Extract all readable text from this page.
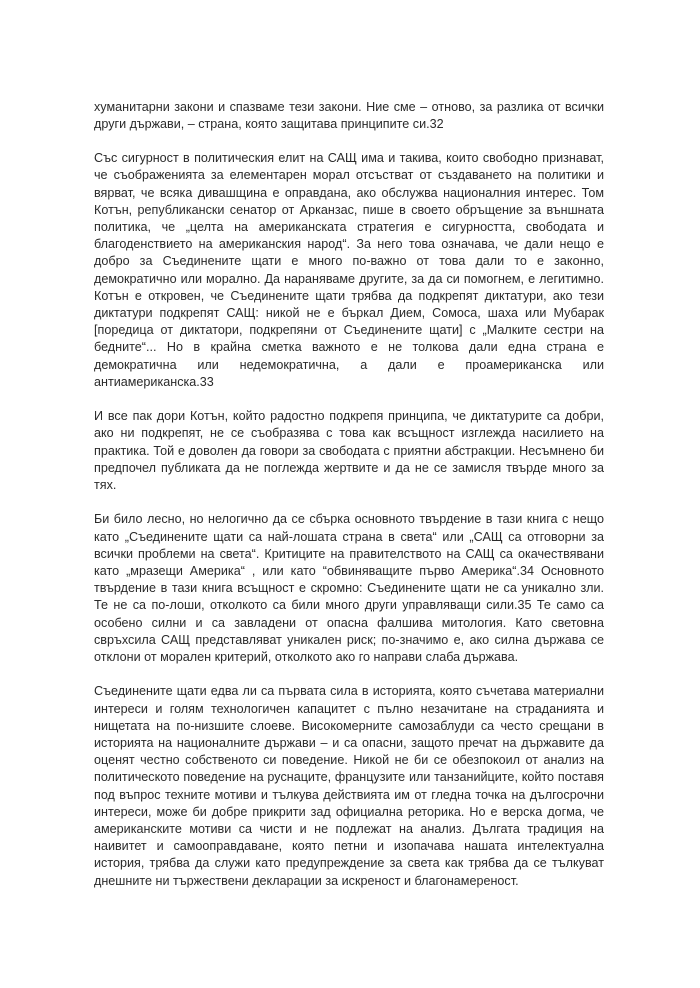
хуманитарни закони и спазваме тези закони. Ние сме – отново, за разлика от всички други държави, – страна, която защитава принципите си.32

Със сигурност в политическия елит на САЩ има и такива, които свободно признават, че съображенията за елементарен морал отсъстват от създаването на политики и вярват, че всяка дивашщина е оправдана, ако обслужва националния интерес. Том Котън, републикански сенатор от Арканзас, пише в своето обръщение за външната политика, че „целта на американската стратегия е сигурността, свободата и благоденствието на американския народ“. За него това означава, че дали нещо е добро за Съединените щати е много по-важно от това дали то е законно, демократично или морално. Да нараняваме другите, за да си помогнем, е легитимно. Котън е откровен, че Съединените щати трябва да подкрепят диктатури, ако тези диктатури подкрепят САЩ: никой не е бъркал Дием, Сомоса, шаха или Мубарак [поредица от диктатори, подкрепяни от Съединените щати] с „Малките сестри на бедните“... Но в крайна сметка важното е не толкова дали една страна е демократична или недемократична, а дали е проамериканска или антиамериканска.33

И все пак дори Котън, който радостно подкрепя принципа, че диктатурите са добри, ако ни подкрепят, не се съобразява с това как всъщност изглежда насилието на практика. Той е доволен да говори за свободата с приятни абстракции. Несъмнено би предпочел публиката да не поглежда жертвите и да не се замисля твърде много за тях.

Би било лесно, но нелогично да се сбърка основното твърдение в тази книга с нещо като „Съединените щати са най-лошата страна в света“ или „САЩ са отговорни за всички проблеми на света“. Критиците на правителството на САЩ са окачествявани като „мразещи Америка“ , или като “обвиняващите първо Америка“.34 Основното твърдение в тази книга всъщност е скромно: Съединените щати не са уникално зли. Те не са по-лоши, отколкото са били много други управляващи сили.35 Те само са особено силни и са завладени от опасна фалшива митология. Като световна свръхсила САЩ представляват уникален риск; по-значимо е, ако силна държава се отклони от морален критерий, отколкото ако го направи слаба държава.

Съединените щати едва ли са първата сила в историята, която съчетава материални интереси и голям технологичен капацитет с пълно незачитане на страданията и нищетата на по-низшите слоеве. Високомерните самозаблуди са често срещани в историята на националните държави – и са опасни, защото пречат на държавите да оценят честно собственото си поведение. Никой не би се обезпокоил от анализ на политическото поведение на руснаците, французите или танзанийците, който поставя под въпрос техните мотиви и тълкува действията им от гледна точка на дългосрочни интереси, може би добре прикрити зад официална реторика. Но е верска догма, че американските мотиви са чисти и не подлежат на анализ. Дългата традиция на наивитет и самооправдаване, която петни и изопачава нашата интелектуална история, трябва да служи като предупреждение за света как трябва да се тълкуват днешните ни тържествени декларации за искреност и благонамереност.
